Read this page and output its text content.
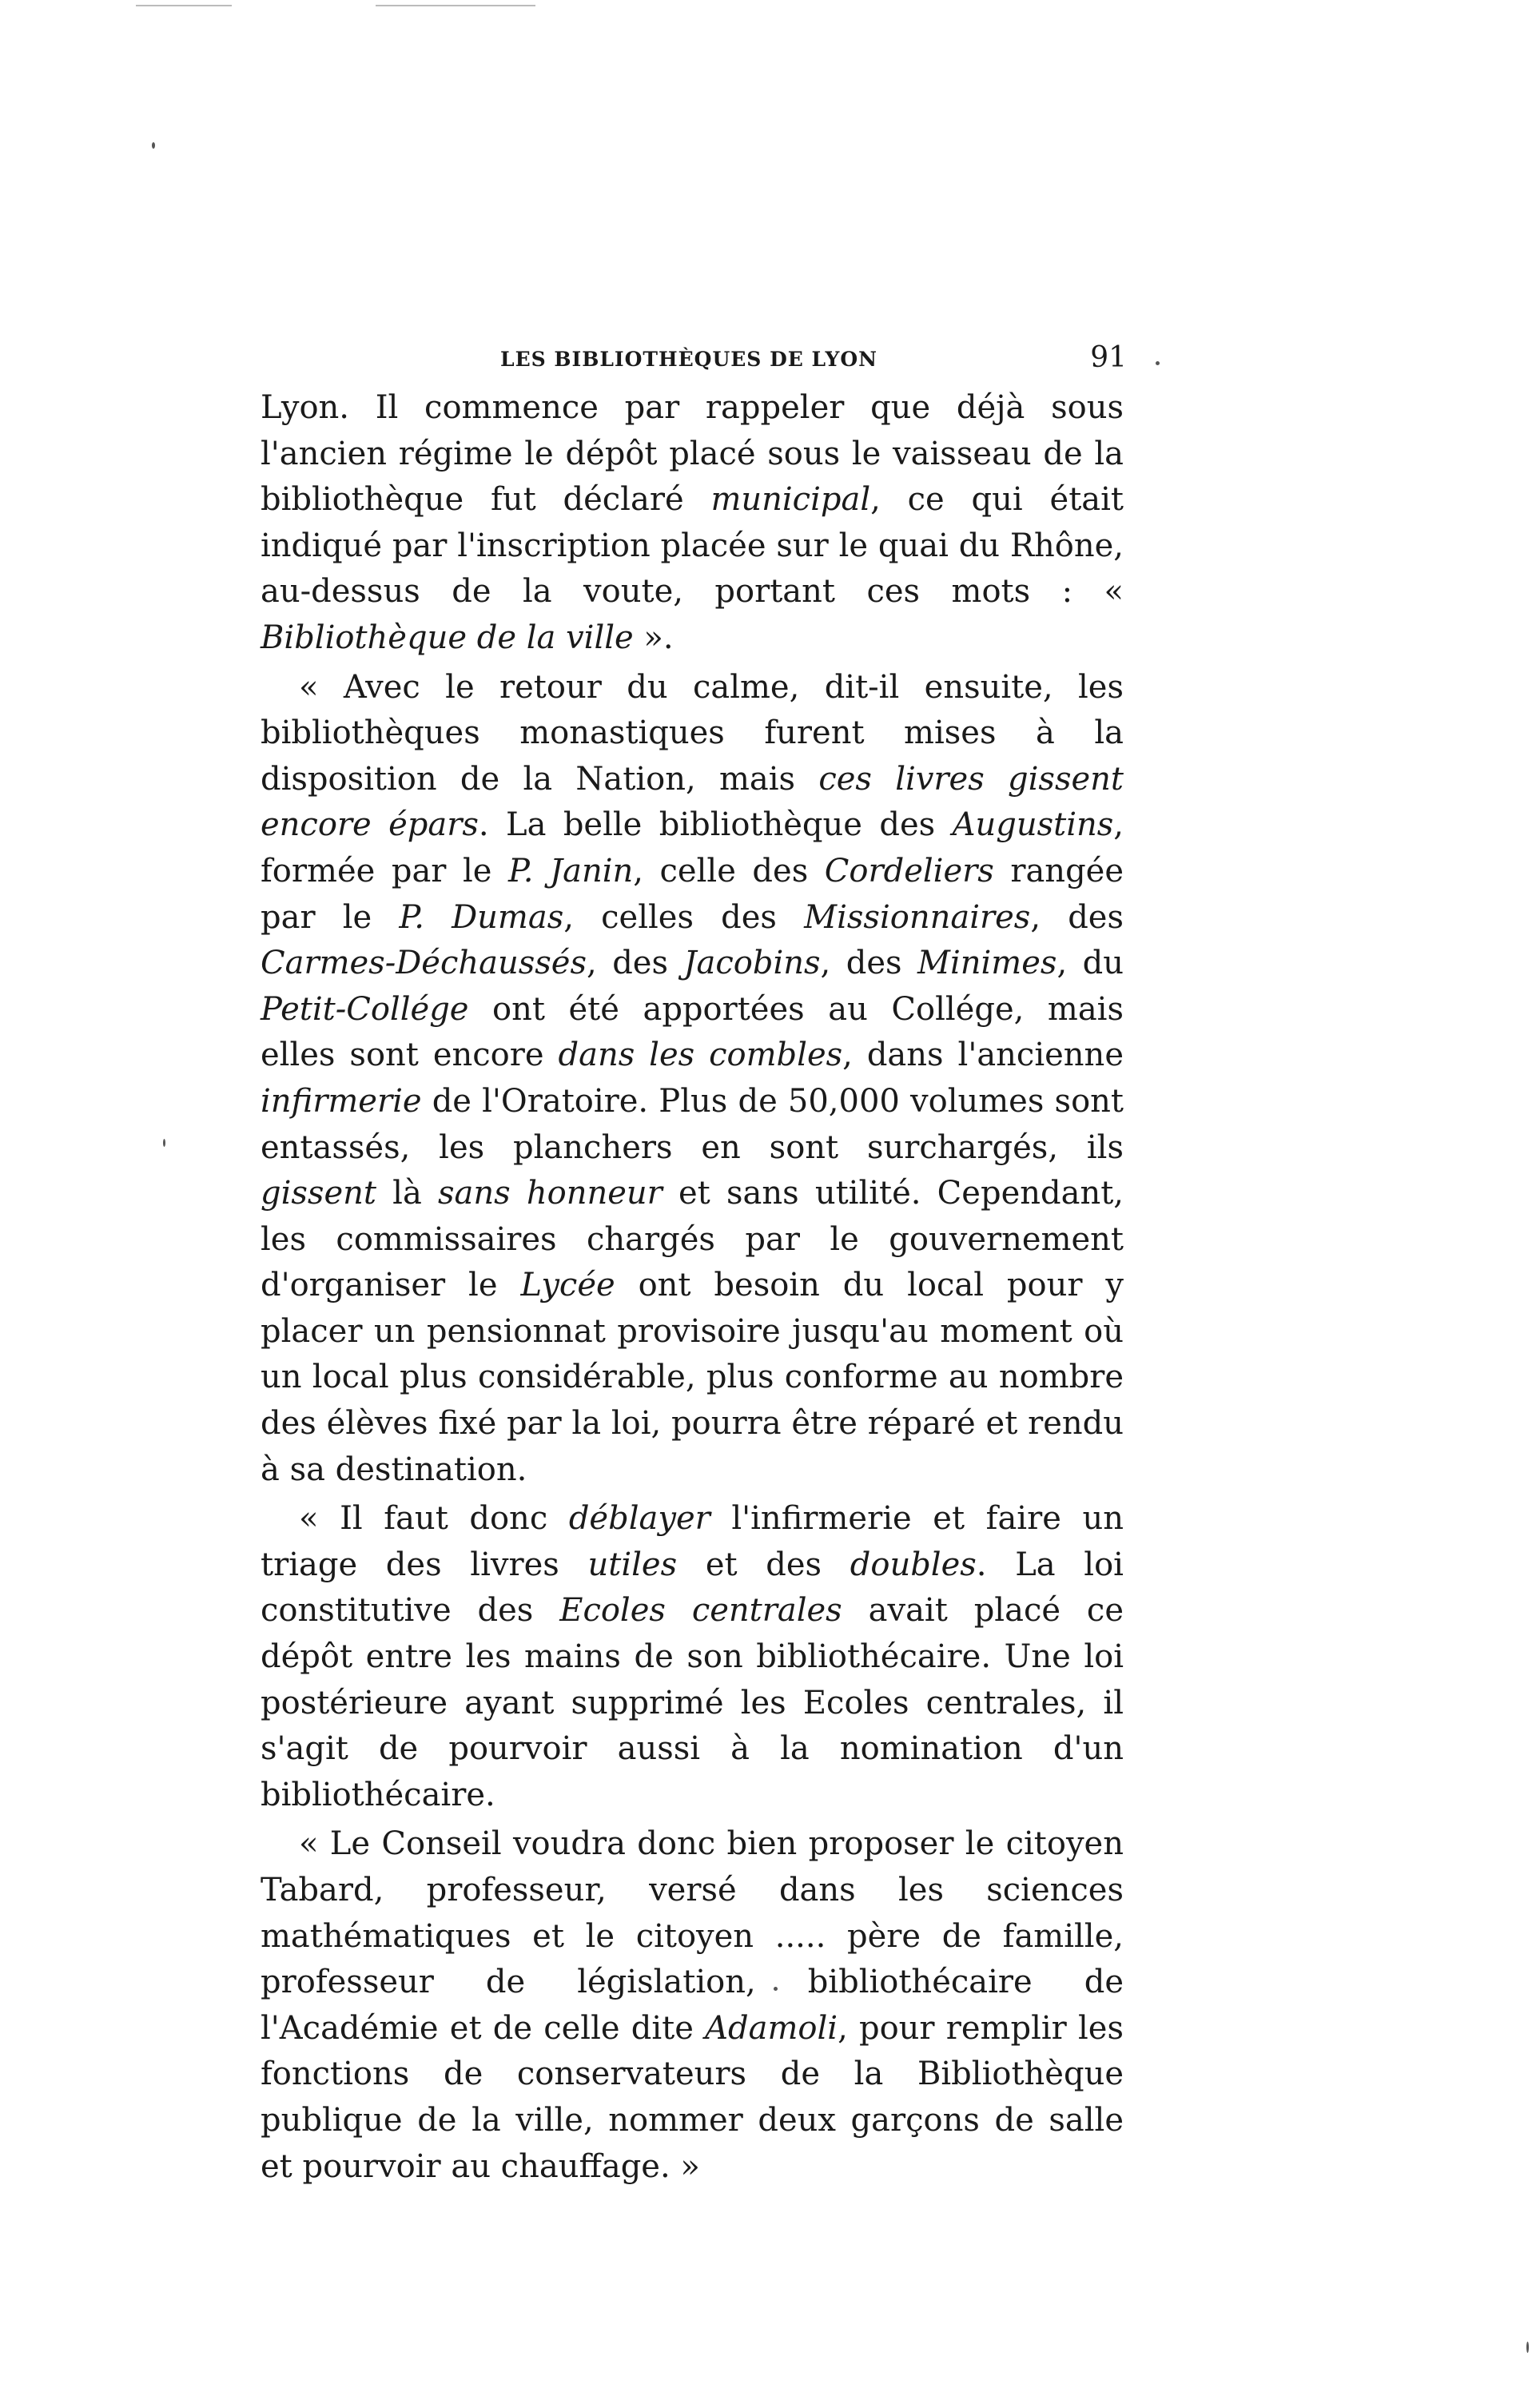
LES BIBLIOTHÈQUES DE LYON	91

Lyon. Il commence par rappeler que déjà sous l'ancien régime le dépôt placé sous le vaisseau de la bibliothèque fut déclaré municipal, ce qui était indiqué par l'inscription placée sur le quai du Rhône, au-dessus de la voute, portant ces mots : « Bibliothèque de la ville ».

« Avec le retour du calme, dit-il ensuite, les bibliothèques monastiques furent mises à la disposition de la Nation, mais ces livres gissent encore épars. La belle bibliothèque des Augustins, formée par le P. Janin, celle des Cordeliers rangée par le P. Dumas, celles des Missionnaires, des Carmes-Déchaussés, des Jacobins, des Minimes, du Petit-Collége ont été apportées au Collége, mais elles sont encore dans les combles, dans l'ancienne infirmerie de l'Oratoire. Plus de 50,000 volumes sont entassés, les planchers en sont surchargés, ils gissent là sans honneur et sans utilité. Cependant, les commissaires chargés par le gouvernement d'organiser le Lycée ont besoin du local pour y placer un pensionnat provisoire jusqu'au moment où un local plus considérable, plus conforme au nombre des élèves fixé par la loi, pourra être réparé et rendu à sa destination.

« Il faut donc déblayer l'infirmerie et faire un triage des livres utiles et des doubles. La loi constitutive des Ecoles centrales avait placé ce dépôt entre les mains de son bibliothécaire. Une loi postérieure ayant supprimé les Ecoles centrales, il s'agit de pourvoir aussi à la nomination d'un bibliothécaire.

« Le Conseil voudra donc bien proposer le citoyen Tabard, professeur, versé dans les sciences mathématiques et le citoyen ..... père de famille, professeur de législation, bibliothécaire de l'Académie et de celle dite Adamoli, pour remplir les fonctions de conservateurs de la Bibliothèque publique de la ville, nommer deux garçons de salle et pourvoir au chauffage. »
